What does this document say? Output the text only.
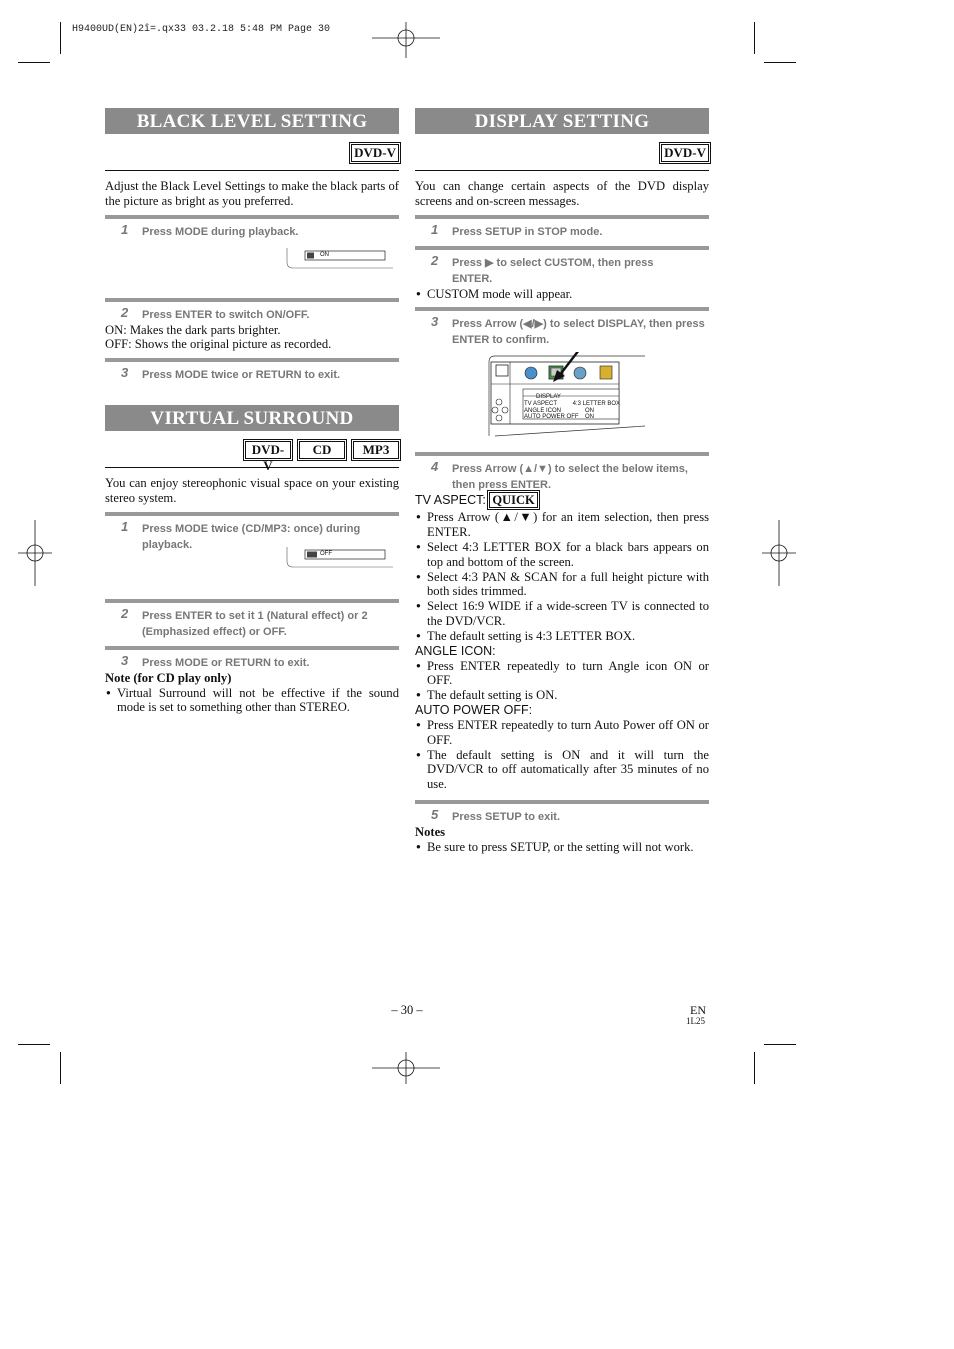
H9400UD(EN)2î=.qx33 03.2.18 5:48 PM Page 30
BLACK LEVEL SETTING
DVD-V
Adjust the Black Level Settings to make the black parts of the picture as bright as you preferred.
1 Press MODE during playback.
ON
2 Press ENTER to switch ON/OFF.
ON: Makes the dark parts brighter.
OFF: Shows the original picture as recorded.
3 Press MODE twice or RETURN to exit.
VIRTUAL SURROUND
DVD-V
CD	MP3
You can enjoy stereophonic visual space on your existing stereo system.
1 Press MODE twice (CD/MP3: once) during playback.
OFF
2 Press ENTER to set it 1 (Natural effect) or 2 (Emphasized effect) or OFF.
3 Press MODE or RETURN to exit.
Note (for CD play only)
● Virtual Surround will not be effective if the sound mode is set to something other than STEREO.
DISPLAY SETTING
DVD-V
You can change certain aspects of the DVD display screens and on-screen messages.
1 Press SETUP in STOP mode.
2 Press ▶ to select CUSTOM, then press ENTER.
● CUSTOM mode will appear.
3 Press Arrow (◀/▶) to select DISPLAY, then press ENTER to confirm.
DISPLAY
TV ASPECT	4:3 LETTER BOX
ANGLE ICON	ON
AUTO POWER OFF ON
4 Press Arrow (▲/▼) to select the below items, then press ENTER.
TV ASPECT: QUICK
● Press Arrow (▲/▼) for an item selection, then press ENTER.
● Select 4:3 LETTER BOX for a black bars appears on top and bottom of the screen.
● Select 4:3 PAN & SCAN for a full height picture with both sides trimmed.
● Select 16:9 WIDE if a wide-screen TV is connected to the DVD/VCR.
● The default setting is 4:3 LETTER BOX.
ANGLE ICON:
● Press ENTER repeatedly to turn Angle icon ON or OFF.
● The default setting is ON.
AUTO POWER OFF:
● Press ENTER repeatedly to turn Auto Power off ON or OFF.
● The default setting is ON and it will turn the DVD/VCR to off automatically after 35 minutes of no use.
5 Press SETUP to exit.
Notes
● Be sure to press SETUP, or the setting will not work.
– 30 –	EN
1L25
